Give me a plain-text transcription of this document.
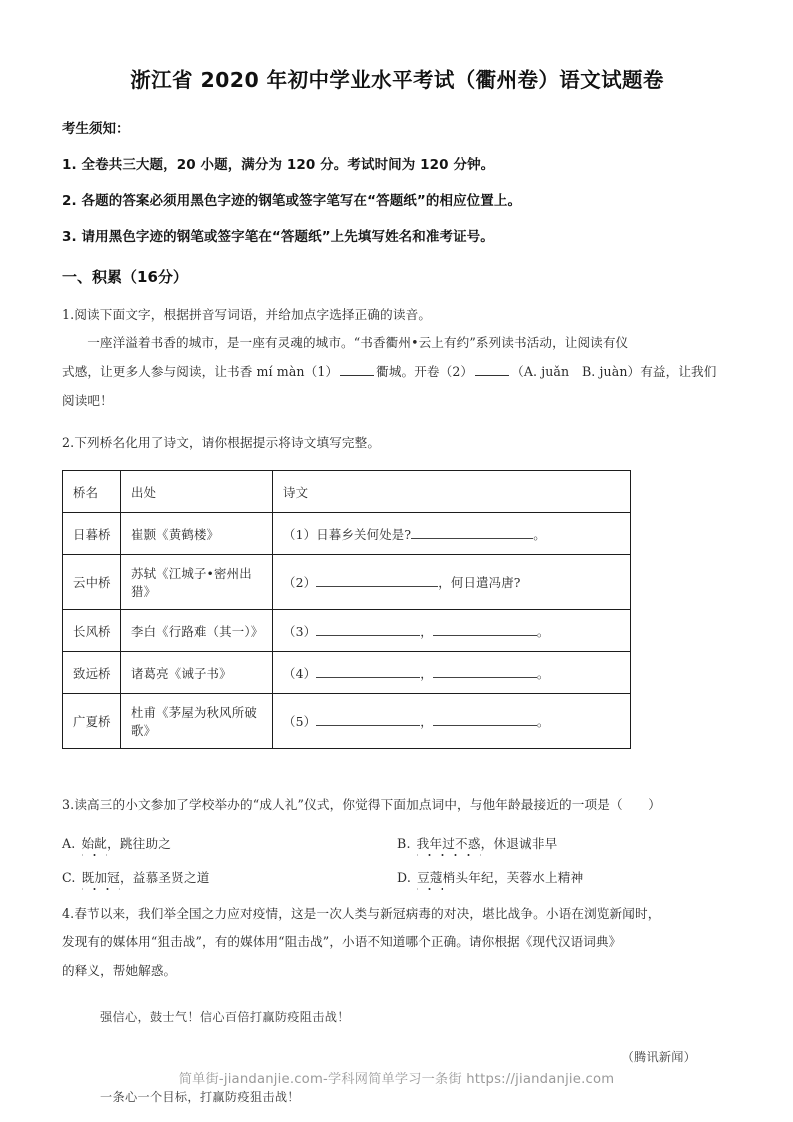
浙江省 2020 年初中学业水平考试（衢州卷）语文试题卷
考生须知：
1. 全卷共三大题，20 小题，满分为 120 分。考试时间为 120 分钟。
2. 各题的答案必须用黑色字迹的钢笔或签字笔写在“答题纸”的相应位置上。
3. 请用黑色字迹的钢笔或签字笔在“答题纸”上先填写姓名和准考证号。
一、积累（16分）
1.阅读下面文字，根据拼音写词语，并给加点字选择正确的读音。
一座洋溢着书香的城市，是一座有灵魂的城市。“书香衢州•云上有约”系列读书活动，让阅读有仪
式感，让更多人参与阅读，让书香 mí màn（1）	衢城。开卷（2）	（A. juǎn　B. juàn）有益，让我们
阅读吧！
2.下列桥名化用了诗文，请你根据提示将诗文填写完整。
桥名	出处	诗文
日暮桥	崔颢《黄鹤楼》	（1）日暮乡关何处是? 。
云中桥	苏轼《江城子•密州出猎》	（2） ，何日遣冯唐?
长风桥	李白《行路难（其一）》	（3） ， 。
致远桥	诸葛亮《诫子书》	（4） ， 。
广夏桥	杜甫《茅屋为秋风所破歌》	（5） ， 。
3.读高三的小文参加了学校举办的“成人礼”仪式，你觉得下面加点词中，与他年龄最接近的一项是（　　）
A. 始龀，跳往助之	B. 我年过不惑，休退诚非早
C. 既加冠，益慕圣贤之道	D. 豆蔻梢头年纪，芙蓉水上精神
4.春节以来，我们举全国之力应对疫情，这是一次人类与新冠病毒的对决，堪比战争。小语在浏览新闻时，
发现有的媒体用“狙击战”，有的媒体用“阻击战”，小语不知道哪个正确。请你根据《现代汉语词典》
的释义，帮她解惑。
强信心，鼓士气！信心百倍打赢防疫阻击战！
（腾讯新闻）
一条心一个目标，打赢防疫狙击战！
简单街-jiandanjie.com-学科网简单学习一条街 https://jiandanjie.com
